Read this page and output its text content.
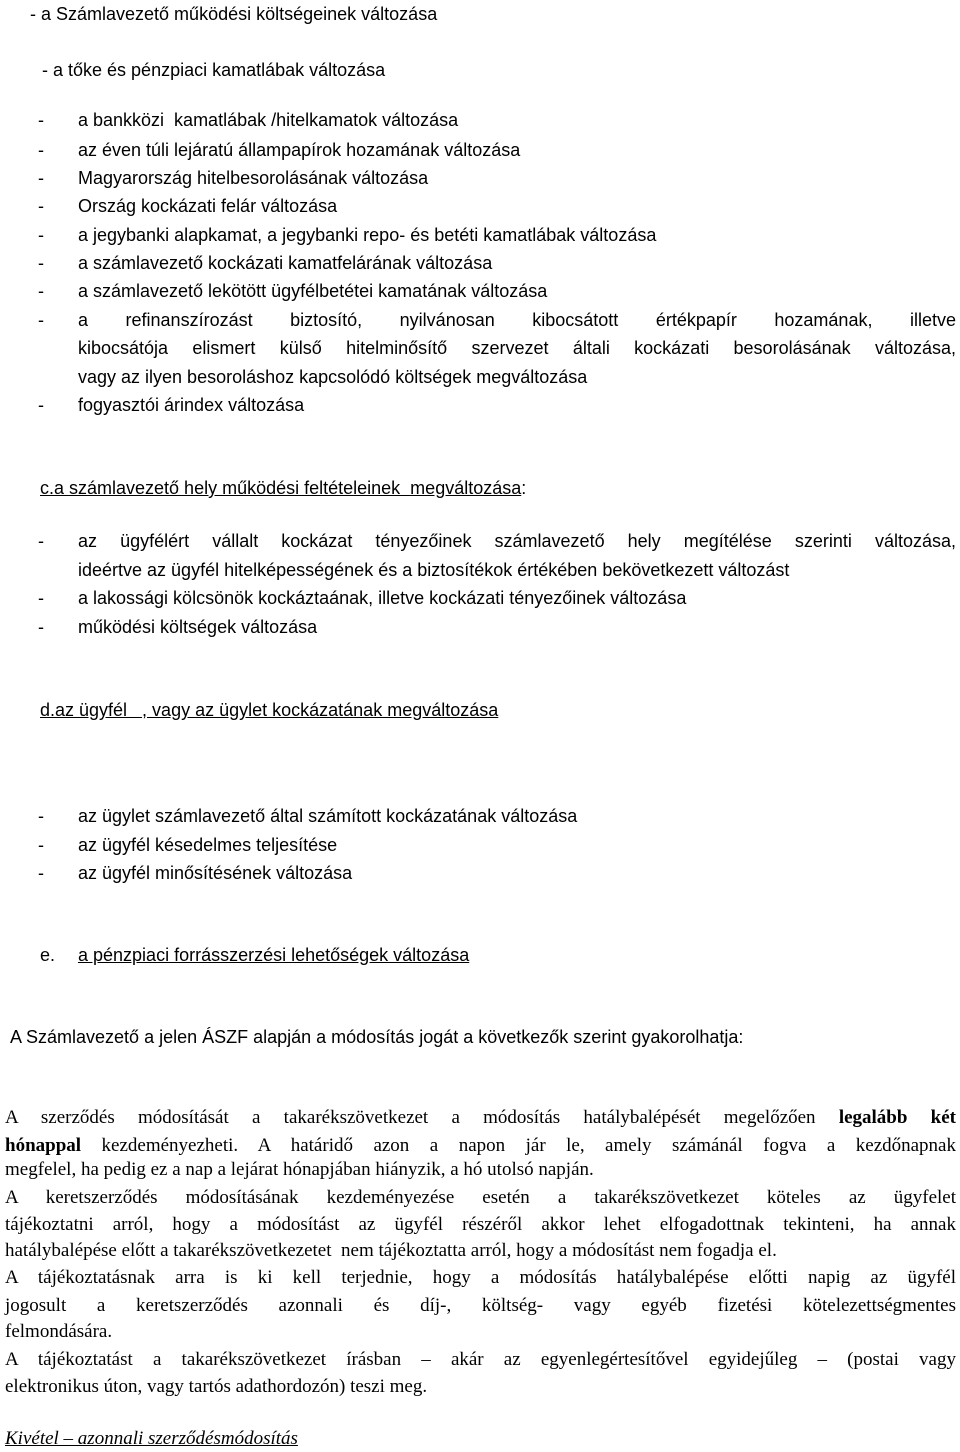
- a Számlavezető működési költségeinek változása
- a tőke és pénzpiaci kamatlábak változása
- a bankközi  kamatlábak /hitelkamatok változása
- az éven túli lejáratú állampapírok hozamának változása
- Magyarország hitelbesorolásának változása
- Ország kockázati felár változása
- a jegybanki alapkamat, a jegybanki repo- és betéti kamatlábak változása
- a számlavezető kockázati kamatfelárának változása
- a számlavezető lekötött ügyfélbetétei kamatának változása
- a refinanszírozást biztosító, nyilvánosan kibocsátott értékpapír hozamának, illetve
kibocsátója elismert külső hitelminősítő szervezet általi kockázati besorolásának változása,
vagy az ilyen besoroláshoz kapcsolódó költségek megváltozása
- fogyasztói árindex változása
c.a számlavezető hely működési feltételeinek  megváltozása:
- az ügyfélért vállalt kockázat tényezőinek számlavezető hely megítélése szerinti változása,
ideértve az ügyfél hitelképességének és a biztosítékok értékében bekövetkezett változást
- a lakossági kölcsönök kockáztaának, illetve kockázati tényezőinek változása
- működési költségek változása
d.az ügyfél   , vagy az ügylet kockázatának megváltozása
- az ügylet számlavezető által számított kockázatának változása
- az ügyfél késedelmes teljesítése
- az ügyfél minősítésének változása
e. a pénzpiaci forrásszerzési lehetőségek változása
A Számlavezető a jelen ÁSZF alapján a módosítás jogát a következők szerint gyakorolhatja:
A szerződés módosítását a takarékszövetkezet a módosítás hatálybalépését megelőzően legalább két
hónappal kezdeményezheti. A határidő azon a napon jár le, amely számánál fogva a kezdőnapnak
megfelel, ha pedig ez a nap a lejárat hónapjában hiányzik, a hó utolsó napján.
A keretszerződés módosításának kezdeményezése esetén a takarékszövetkezet köteles az ügyfelet
tájékoztatni arról, hogy a módosítást az ügyfél részéről akkor lehet elfogadottnak tekinteni, ha annak
hatálybalépése előtt a takarékszövetkezetet  nem tájékoztatta arról, hogy a módosítást nem fogadja el.
A tájékoztatásnak arra is ki kell terjednie, hogy a módosítás hatálybalépése előtti napig az ügyfél
jogosult a keretszerződés azonnali és díj-, költség- vagy egyéb fizetési kötelezettségmentes
felmondására.
A tájékoztatást a takarékszövetkezet írásban – akár az egyenlegértesítővel egyidejűleg – (postai vagy
elektronikus úton, vagy tartós adathordozón) teszi meg.
Kivétel – azonnali szerződésmódosítás
